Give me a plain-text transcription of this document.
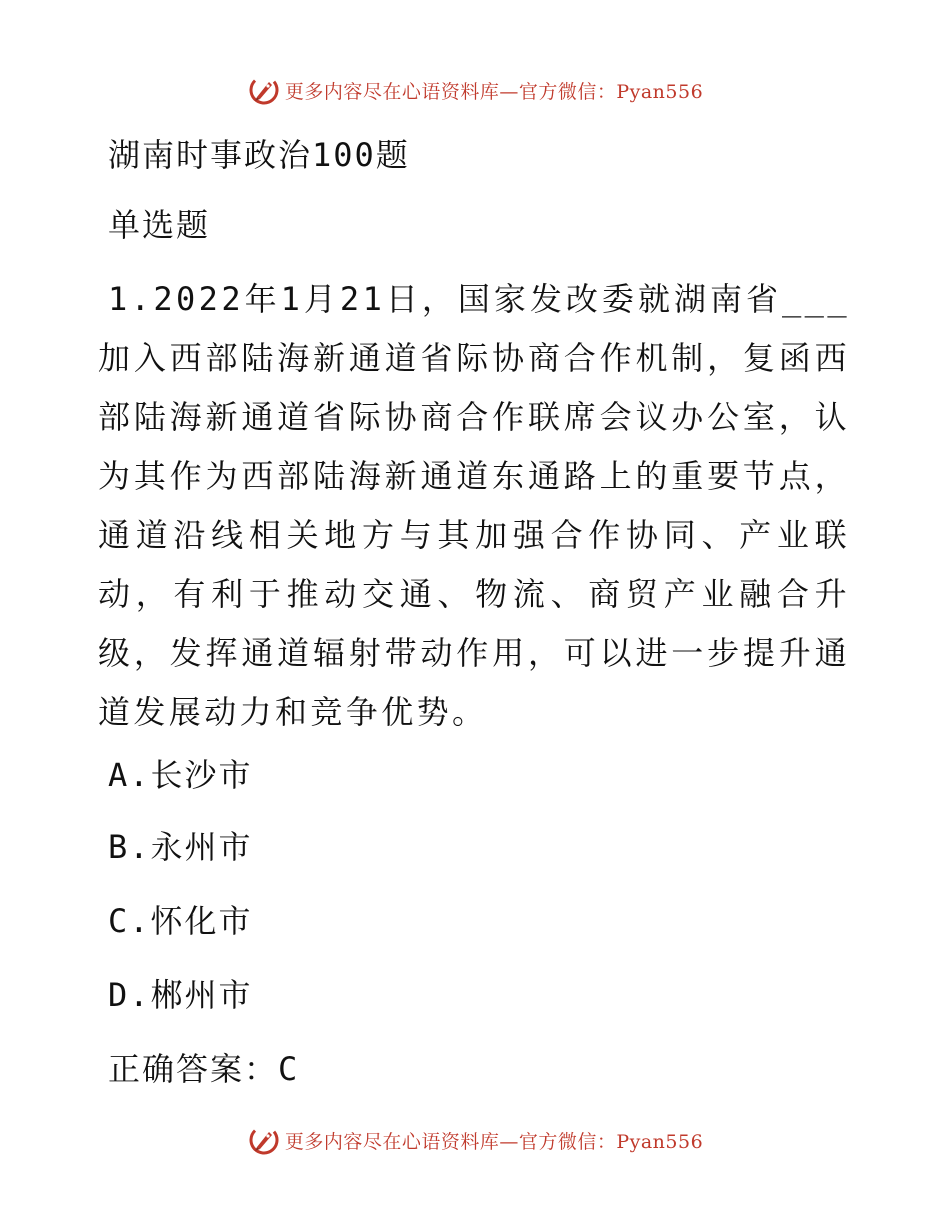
更多内容尽在心语资料库—官方微信：Pyan556
湖南时事政治100题
单选题
1.2022年1月21日，国家发改委就湖南省___加入西部陆海新通道省际协商合作机制，复函西部陆海新通道省际协商合作联席会议办公室，认为其作为西部陆海新通道东通路上的重要节点，通道沿线相关地方与其加强合作协同、产业联动，有利于推动交通、物流、商贸产业融合升级，发挥通道辐射带动作用，可以进一步提升通道发展动力和竞争优势。
A.长沙市
B.永州市
C.怀化市
D.郴州市
正确答案：C
更多内容尽在心语资料库—官方微信：Pyan556
